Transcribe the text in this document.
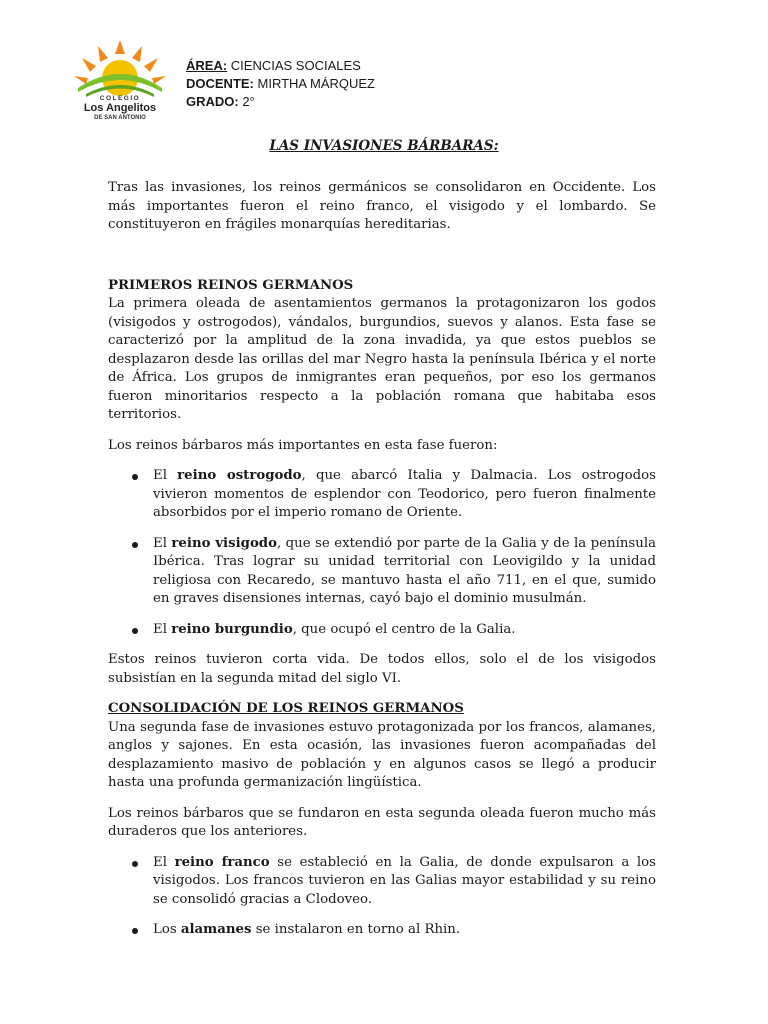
COLEGIO
Los Angelitos
DE SAN ANTONIO
ÁREA: CIENCIAS SOCIALES
DOCENTE: MIRTHA MÁRQUEZ
GRADO: 2°
LAS INVASIONES BÁRBARAS:

Tras las invasiones, los reinos germánicos se consolidaron en Occidente. Los más importantes fueron el reino franco, el visigodo y el lombardo. Se constituyeron en frágiles monarquías hereditarias.

PRIMEROS REINOS GERMANOS

La primera oleada de asentamientos germanos la protagonizaron los godos (visigodos y ostrogodos), vándalos, burgundios, suevos y alanos. Esta fase se caracterizó por la amplitud de la zona invadida, ya que estos pueblos se desplazaron desde las orillas del mar Negro hasta la península Ibérica y el norte de África. Los grupos de inmigrantes eran pequeños, por eso los germanos fueron minoritarios respecto a la población romana que habitaba esos territorios.

Los reinos bárbaros más importantes en esta fase fueron:

El reino ostrogodo, que abarcó Italia y Dalmacia. Los ostrogodos vivieron momentos de esplendor con Teodorico, pero fueron finalmente absorbidos por el imperio romano de Oriente.
El reino visigodo, que se extendió por parte de la Galia y de la península Ibérica. Tras lograr su unidad territorial con Leovigildo y la unidad religiosa con Recaredo, se mantuvo hasta el año 711, en el que, sumido en graves disensiones internas, cayó bajo el dominio musulmán.
El reino burgundio, que ocupó el centro de la Galia.

Estos reinos tuvieron corta vida. De todos ellos, solo el de los visigodos subsistían en la segunda mitad del siglo VI.

CONSOLIDACIÓN DE LOS REINOS GERMANOS

Una segunda fase de invasiones estuvo protagonizada por los francos, alamanes, anglos y sajones. En esta ocasión, las invasiones fueron acompañadas del desplazamiento masivo de población y en algunos casos se llegó a producir hasta una profunda germanización lingüística.

Los reinos bárbaros que se fundaron en esta segunda oleada fueron mucho más duraderos que los anteriores.

El reino franco se estableció en la Galia, de donde expulsaron a los visigodos. Los francos tuvieron en las Galias mayor estabilidad y su reino se consolidó gracias a Clodoveo.
Los alamanes se instalaron en torno al Rhin.
